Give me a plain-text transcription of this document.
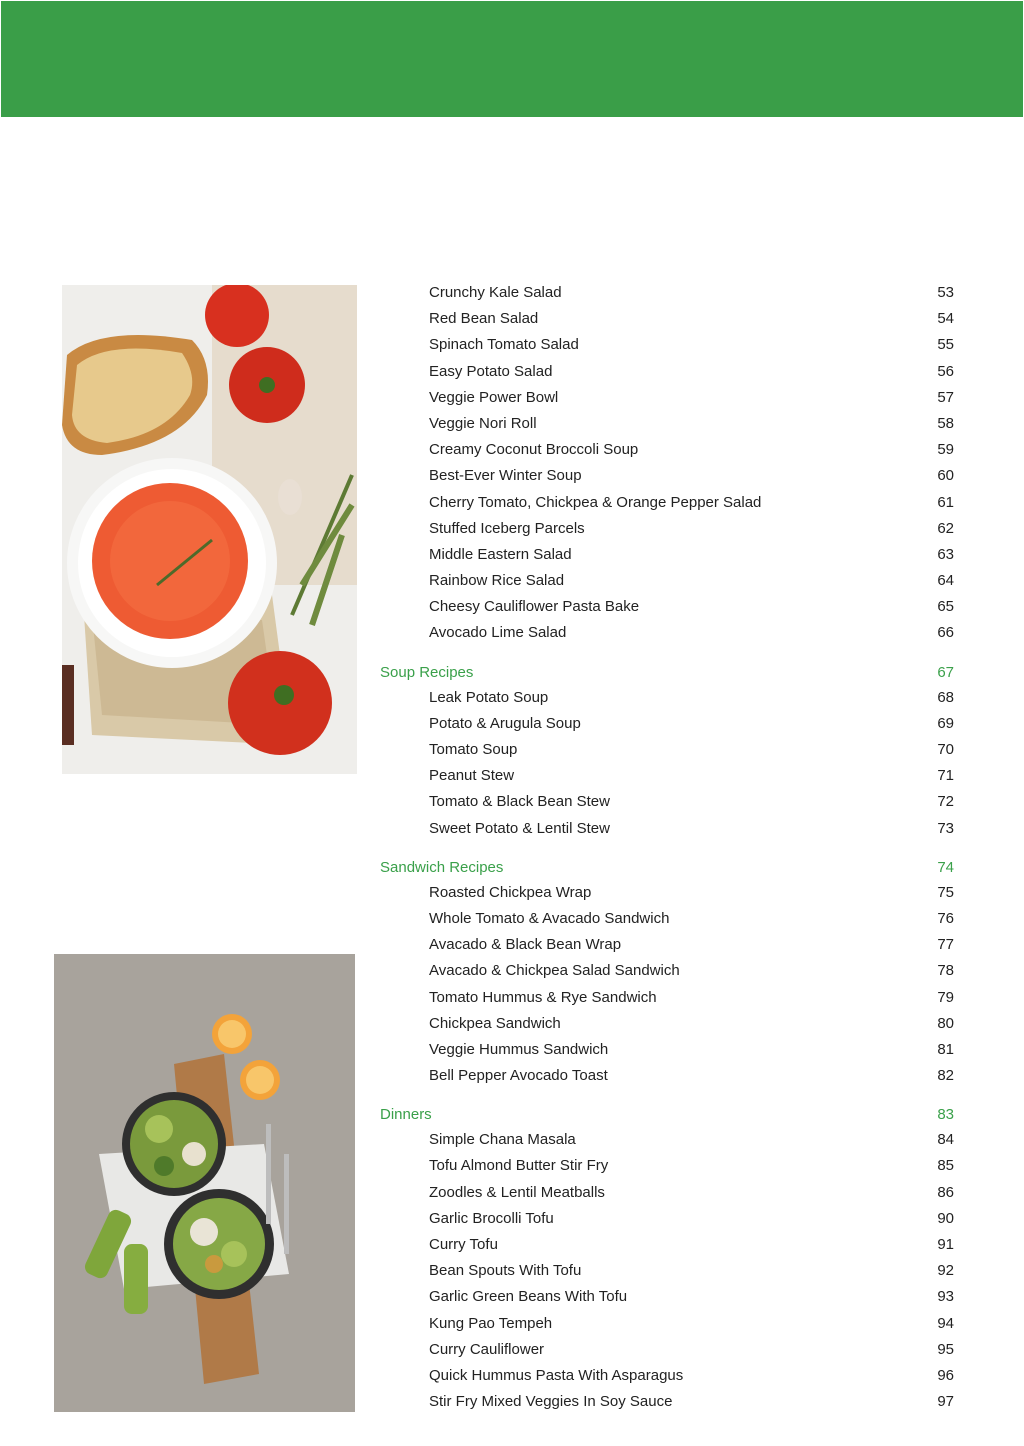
Crunchy Kale Salad	53
Red Bean Salad	54
Spinach Tomato Salad	55
Easy Potato Salad	56
Veggie Power Bowl	57
Veggie Nori Roll	58
Creamy Coconut Broccoli Soup	59
Best-Ever Winter Soup	60
Cherry Tomato, Chickpea & Orange Pepper Salad	61
Stuffed Iceberg Parcels	62
Middle Eastern Salad	63
Rainbow Rice Salad	64
Cheesy Cauliflower Pasta Bake	65
Avocado Lime Salad	66
Soup Recipes	67
Leak Potato Soup	68
Potato & Arugula Soup	69
Tomato Soup	70
Peanut Stew	71
Tomato & Black Bean Stew	72
Sweet Potato & Lentil Stew	73
Sandwich Recipes	74
Roasted Chickpea Wrap	75
Whole Tomato & Avacado Sandwich	76
Avacado & Black Bean Wrap	77
Avacado & Chickpea Salad Sandwich	78
Tomato Hummus & Rye Sandwich	79
Chickpea Sandwich	80
Veggie Hummus Sandwich	81
Bell Pepper Avocado Toast	82
Dinners	83
Simple Chana Masala	84
Tofu Almond Butter Stir Fry	85
Zoodles & Lentil Meatballs	86
Garlic Brocolli Tofu	90
Curry Tofu	91
Bean Spouts With Tofu	92
Garlic Green Beans With Tofu	93
Kung Pao Tempeh	94
Curry Cauliflower	95
Quick Hummus Pasta With Asparagus	96
Stir Fry Mixed Veggies In Soy Sauce	97
